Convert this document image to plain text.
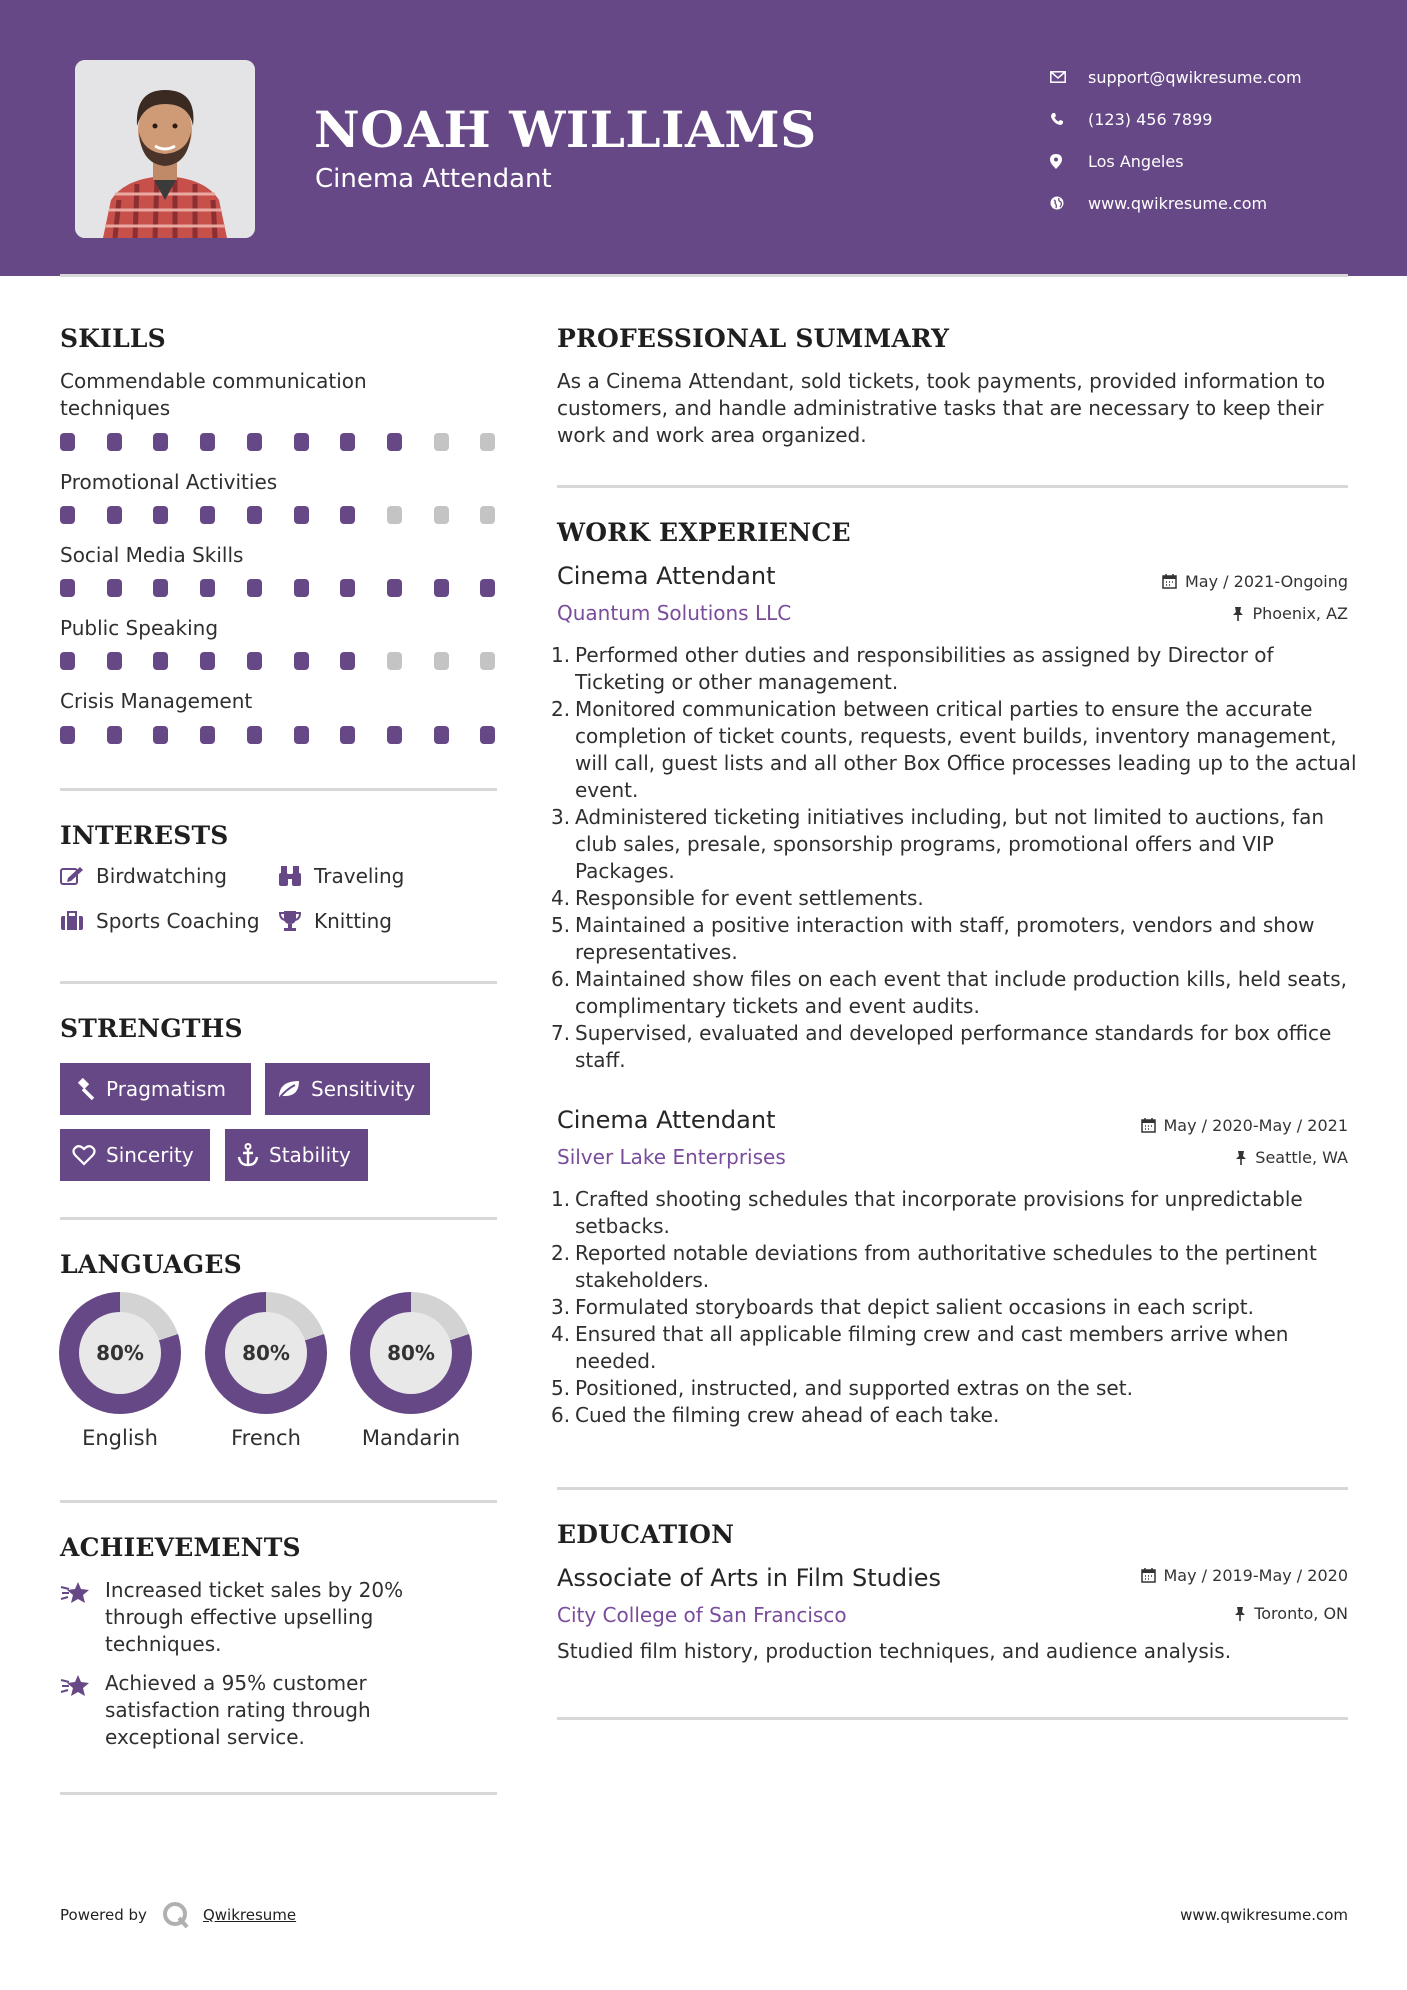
NOAH WILLIAMS
Cinema Attendant
support@qwikresume.com
(123) 456 7899
Los Angeles
www.qwikresume.com
SKILLS
Commendable communication techniques
Promotional Activities
Social Media Skills
Public Speaking
Crisis Management
INTERESTS
Birdwatching	Traveling
Sports Coaching	Knitting
STRENGTHS
Pragmatism	Sensitivity
Sincerity	Stability
LANGUAGES
80%
English
80%
French
80%
Mandarin
ACHIEVEMENTS
Increased ticket sales by 20% through effective upselling techniques.
Achieved a 95% customer satisfaction rating through exceptional service.
PROFESSIONAL SUMMARY
As a Cinema Attendant, sold tickets, took payments, provided information to customers, and handle administrative tasks that are necessary to keep their work and work area organized.
WORK EXPERIENCE
Cinema Attendant	May / 2021-Ongoing
Quantum Solutions LLC	Phoenix, AZ
Performed other duties and responsibilities as assigned by Director of Ticketing or other management.
Monitored communication between critical parties to ensure the accurate completion of ticket counts, requests, event builds, inventory management, will call, guest lists and all other Box Office processes leading up to the actual event.
Administered ticketing initiatives including, but not limited to auctions, fan club sales, presale, sponsorship programs, promotional offers and VIP Packages.
Responsible for event settlements.
Maintained a positive interaction with staff, promoters, vendors and show representatives.
Maintained show files on each event that include production kills, held seats, complimentary tickets and event audits.
Supervised, evaluated and developed performance standards for box office staff.
Cinema Attendant	May / 2020-May / 2021
Silver Lake Enterprises	Seattle, WA
Crafted shooting schedules that incorporate provisions for unpredictable setbacks.
Reported notable deviations from authoritative schedules to the pertinent stakeholders.
Formulated storyboards that depict salient occasions in each script.
Ensured that all applicable filming crew and cast members arrive when needed.
Positioned, instructed, and supported extras on the set.
Cued the filming crew ahead of each take.
EDUCATION
Associate of Arts in Film Studies	May / 2019-May / 2020
City College of San Francisco	Toronto, ON
Studied film history, production techniques, and audience analysis.
Powered by	Qwikresume	www.qwikresume.com
